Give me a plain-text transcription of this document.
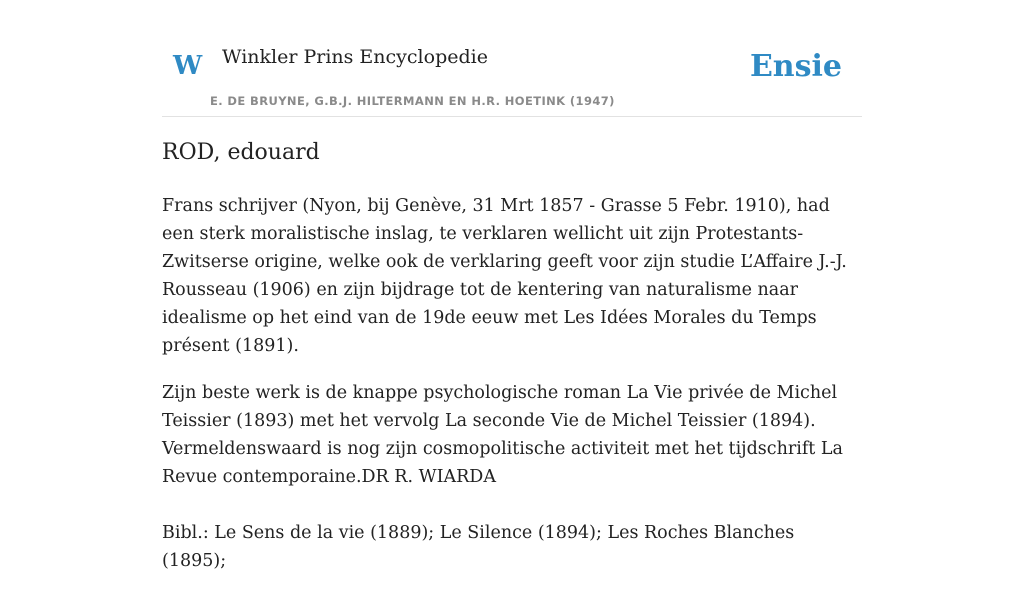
W Winkler Prins Encyclopedie
E. DE BRUYNE, G.B.J. HILTERMANN EN H.R. HOETINK (1947)
Ensie
ROD, edouard

Frans schrijver (Nyon, bij Genève, 31 Mrt 1857 - Grasse 5 Febr. 1910), had een sterk moralistische inslag, te verklaren wellicht uit zijn Protestants-Zwitserse origine, welke ook de verklaring geeft voor zijn studie L’Affaire J.-J. Rousseau (1906) en zijn bijdrage tot de kentering van naturalisme naar idealisme op het eind van de 19de eeuw met Les Idées Morales du Temps présent (1891).

Zijn beste werk is de knappe psychologische roman La Vie privée de Michel Teissier (1893) met het vervolg La seconde Vie de Michel Teissier (1894). Vermeldenswaard is nog zijn cosmopolitische activiteit met het tijdschrift La Revue contemporaine.DR R. WIARDA

Bibl.: Le Sens de la vie (1889); Le Silence (1894); Les Roches Blanches (1895);
